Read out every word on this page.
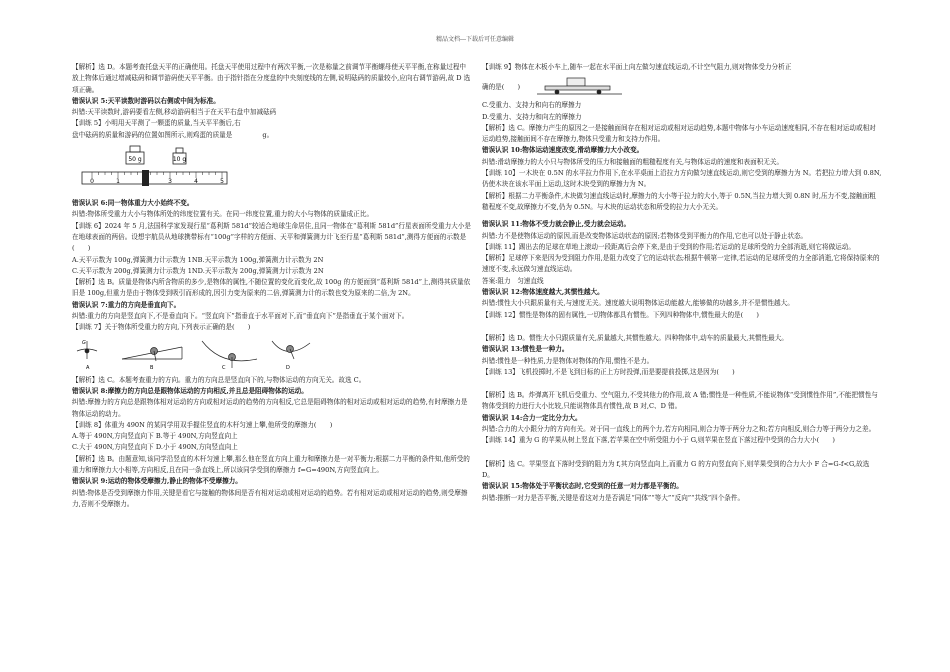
精品文档---下载后可任意编辑

【解析】选 D。本题考查托盘天平的正确使用。托盘天平使用过程中有两次平衡,一次是称量之前调节平衡螺母使天平平衡,在称量过程中放上物体后通过增减砝码和调节游码使天平平衡。由于指针指在分度盘的中央刻度线的左侧,说明砝码的质量较小,应向右调节游码,故 D 选项正确。

错误认识 5:天平读数时游码以右侧或中间为标准。

纠错:天平读数时,游码要看左侧,移动游码相当于在天平右盘中加减砝码

【训练 5】小明用天平测了一颗蛋的质量,当天平平衡后,右

盘中砝码的质量和游码的位置如图所示,则鸡蛋的质量是	g。

50 g	10 g
0	1	3	4	5

错误认识 6:同一物体重力大小始终不变。

纠错:物体所受重力大小与物体所处的纬度位置有关。在同一纬度位置,重力的大小与物体的质量成正比。

【训练 6】2024 年 5 月,法国科学家发现行星“葛利斯 581d”较适合地球生命居住,且同一物体在“葛利斯 581d”行星表面所受重力大小是在地球表面的两倍。设想宇航员从地球携带标有“100g”字样的方便面、天平和弹簧测力计飞至行星“葛利斯 581d”,测得方便面的示数是(　　)

A.天平示数为 100g,弹簧测力计示数为 1NB.天平示数为 100g,弹簧测力计示数为 2N

C.天平示数为 200g,弹簧测力计示数为 1ND.天平示数为 200g,弹簧测力计示数为 2N

【解析】选 B。质量是物体内所含物质的多少,是物体的属性,不随位置的变化而变化,故 100g 的方便面到“葛利斯 581d”上,测得其质量依旧是 100g,但重力是由于物体受到吸引而形成的,因引力变为原来的二倍,弹簧测力计的示数也变为原来的二倍,为 2N。

错误认识 7:重力的方向是垂直向下。

纠错:重力的方向是竖直向下,不是垂直向下。“竖直向下”指垂直于水平面对下,而“垂直向下”是指垂直于某个面对下。

【训练 7】关于物体所受重力的方向,下列表示正确的是(　　)

G
A	B	C	D

【解析】选 C。本题考查重力的方向。重力的方向总是竖直向下的,与物体运动的方向无关。故选 C。

错误认识 8:摩擦力的方向总是跟物体运动的方向相反,并且总是阻碍物体的运动。

纠错:摩擦力的方向总是跟物体相对运动的方向或相对运动的趋势的方向相反,它总是阻碍物体的相对运动或相对运动的趋势,有时摩擦力是物体运动的动力。

【训练 8】体重为 490N 的某同学用双手握住竖直的木杆匀速上攀,他所受的摩擦力(　　)

A.等于 490N,方向竖直向下 B.等于 490N,方向竖直向上

C.大于 490N,方向竖直向下 D.小于 490N,方向竖直向上

【解析】选 B。由题意知,该同学沿竖直的木杆匀速上攀,那么他在竖直方向上重力和摩擦力是一对平衡力;根据二力平衡的条件知,他所受的重力和摩擦力大小相等,方向相反,且在同一条直线上,所以该同学受到的摩擦力 f=G=490N,方向竖直向上。

错误认识 9:运动的物体受摩擦力,静止的物体不受摩擦力。

纠错:物体是否受到摩擦力作用,关键是看它与接触的物体间是否有相对运动或相对运动的趋势。若有相对运动或相对运动的趋势,则受摩擦力,否则不受摩擦力。

【训练 9】物体在木板小车上,随车一起在水平面上向左做匀速直线运动,不计空气阻力,则对物体受力分析正

确的是(　　)

C.受重力、支持力和向右的摩擦力

D.受重力、支持力和向左的摩擦力

【解析】选 C。摩擦力产生的原因之一是接触面间存在相对运动或相对运动趋势,本题中物体与小车运动速度相同,不存在相对运动或相对运动趋势,接触面间不存在摩擦力,物体只受重力和支持力作用。

错误认识 10:物体运动速度改变,滑动摩擦力大小改变。

纠错:滑动摩擦力的大小只与物体所受的压力和接触面的粗糙程度有关,与物体运动的速度和表面积无关。

【训练 10】一木块在 0.5N 的水平拉力作用下,在水平桌面上沿拉力方向做匀速直线运动,则它受到的摩擦力为 N。若把拉力增大到 0.8N,仍使木块在该水平面上运动,这时木块受到的摩擦力为 N。

【解析】根据二力平衡条件,木块做匀速直线运动时,摩擦力的大小等于拉力的大小,等于 0.5N,当拉力增大到 0.8N 时,压力不变,接触面粗糙程度不变,故摩擦力不变,仍为 0.5N。与木块的运动状态和所受的拉力大小无关。

错误认识 11:物体不受力就会静止,受力就会运动。

纠错:力不是使物体运动的原因,而是改变物体运动状态的原因;若物体受到平衡力的作用,它也可以处于静止状态。

【训练 11】踢出去的足球在草地上滚动一段距离后会停下来,是由于受到的作用;若运动的足球所受的力全部消逝,则它将做运动。

【解析】足球停下来是因为受到阻力作用,是阻力改变了它的运动状态;根据牛顿第一定律,若运动的足球所受的力全部消逝,它将保持原来的速度不变,永远做匀速直线运动。

答案:阻力　匀速直线

错误认识 12:物体速度越大,其惯性越大。

纠错:惯性大小只跟质量有关,与速度无关。速度越大说明物体运动能越大,能够做的功越多,并不是惯性越大。

【训练 12】惯性是物体的固有属性,一切物体都具有惯性。下列四种物体中,惯性最大的是(　　)

【解析】选 D。惯性大小只跟质量有关,质量越大,其惯性越大。四种物体中,动车的质量最大,其惯性最大。

错误认识 13:惯性是一种力。

纠错:惯性是一种性质,力是物体对物体的作用,惯性不是力。

【训练 13】飞机投掷时,不是飞到目标的正上方时投弹,而是要提前投掷,这是因为(　　)

【解析】选 B。炸弹离开飞机后受重力、空气阻力,不受其他力的作用,故 A 错;惯性是一种性质,不能说物体“受到惯性作用”,不能把惯性与物体受到的力进行大小比较,只能说物体具有惯性,故 B 对,C、D 错。

错误认识 14:合力一定比分力大。

纠错:合力的大小跟分力的方向有关。对于同一直线上的两个力,若方向相同,则合力等于两分力之和;若方向相反,则合力等于两分力之差。

【训练 14】重为 G 的苹果从树上竖直下落,若苹果在空中所受阻力小于 G,则苹果在竖直下落过程中受到的合力大小(　　)

【解析】选 C。苹果竖直下落时受到的阻力为 f,其方向竖直向上,而重力 G 的方向竖直向下,则苹果受到的合力大小 F 合=G-f<G,故选 D。

错误认识 15:物体处于平衡状态时,它受到的任意一对力都是平衡的。

纠错:推断一对力是否平衡,关键是看这对力是否满足“同体”“等大”“反向”“共线”四个条件。
